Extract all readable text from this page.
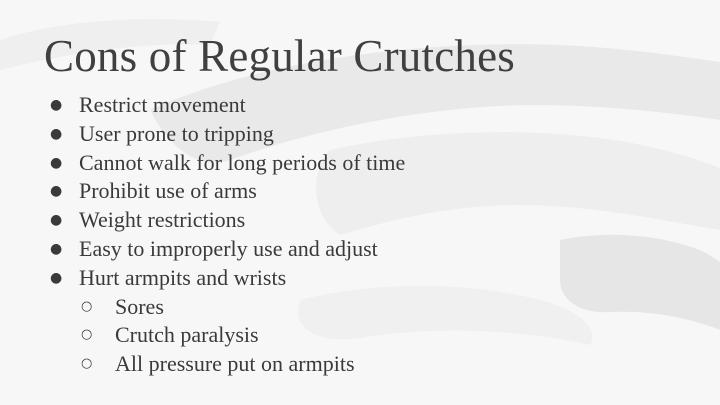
Cons of Regular Crutches
● Restrict movement
● User prone to tripping
● Cannot walk for long periods of time
● Prohibit use of arms
● Weight restrictions
● Easy to improperly use and adjust
● Hurt armpits and wrists
○	Sores
○	Crutch paralysis
○	All pressure put on armpits
